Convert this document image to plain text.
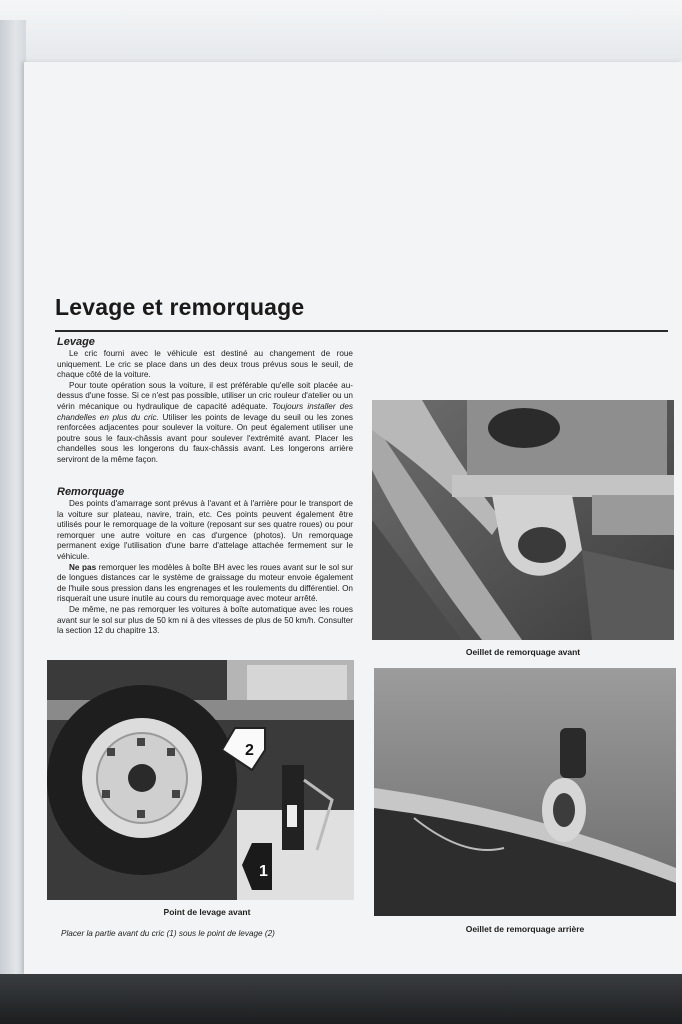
Levage et remorquage
Levage

Le cric fourni avec le véhicule est destiné au changement de roue uniquement. Le cric se place dans un des deux trous prévus sous le seuil, de chaque côté de la voiture.

Pour toute opération sous la voiture, il est préférable qu'elle soit placée au-dessus d'une fosse. Si ce n'est pas possible, utiliser un cric rouleur d'atelier ou un vérin mécanique ou hydraulique de capacité adéquate. Toujours installer des chandelles en plus du cric. Utiliser les points de levage du seuil ou les zones renforcées adjacentes pour soulever la voiture. On peut également utiliser une poutre sous le faux-châssis avant pour soulever l'extrémité avant. Placer les chandelles sous les longerons du faux-châssis avant. Les longerons arrière serviront de la même façon.

Remorquage

Des points d'amarrage sont prévus à l'avant et à l'arrière pour le transport de la voiture sur plateau, navire, train, etc. Ces points peuvent également être utilisés pour le remorquage de la voiture (reposant sur ses quatre roues) ou pour remorquer une autre voiture en cas d'urgence (photos). Un remorquage permanent exige l'utilisation d'une barre d'attelage attachée fermement sur le véhicule.

Ne pas remorquer les modèles à boîte BH avec les roues avant sur le sol sur de longues distances car le système de graissage du moteur envoie également de l'huile sous pression dans les engrenages et les roulements du différentiel. On risquerait une usure inutile au cours du remorquage avec moteur arrêté.

De même, ne pas remorquer les voitures à boîte automatique avec les roues avant sur le sol sur plus de 50 km ni à des vitesses de plus de 50 km/h. Consulter la section 12 du chapitre 13.

Oeillet de remorquage avant
2
1
Point de levage avant
Placer la partie avant du cric (1) sous le point de levage (2)	Oeillet de remorquage arrière
